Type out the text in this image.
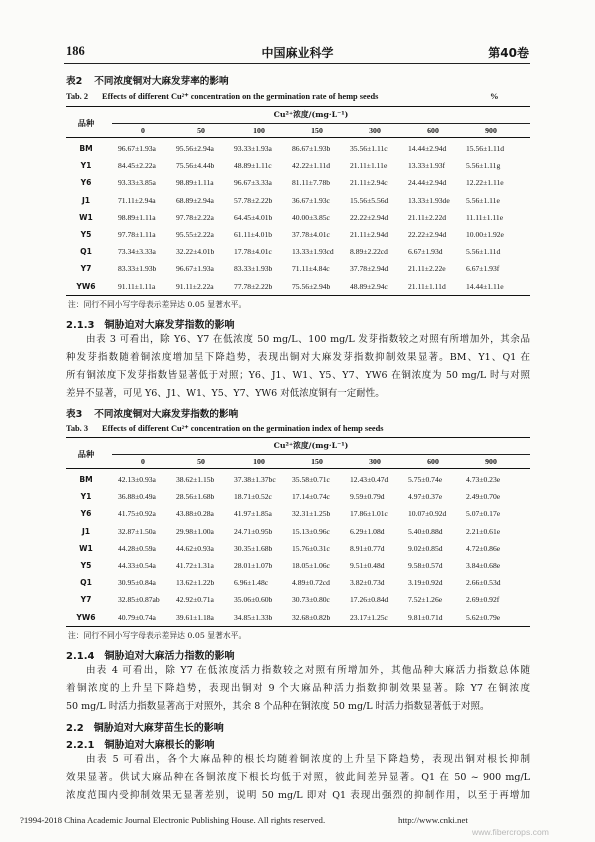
186	中国麻业科学	第40卷
表2 不同浓度铜对大麻发芽率的影响
Tab. 2 Effects of different Cu²⁺ concentration on the germination rate of hemp seeds	%
品种
Cu²⁺浓度/(mg·L⁻¹)
0	50	100	150	300	600	900
BM	96.67±1.93a	95.56±2.94a	93.33±1.93a	86.67±1.93b	35.56±1.11c	14.44±2.94d	15.56±1.11d
Y1	84.45±2.22a	75.56±4.44b	48.89±1.11c	42.22±1.11d	21.11±1.11e	13.33±1.93f	5.56±1.11g
Y6	93.33±3.85a	98.89±1.11a	96.67±3.33a	81.11±7.78b	21.11±2.94c	24.44±2.94d	12.22±1.11e
J1	71.11±2.94a	68.89±2.94a	57.78±2.22b	36.67±1.93c	15.56±5.56d	13.33±1.93de	5.56±1.11e
W1	98.89±1.11a	97.78±2.22a	64.45±4.01b	40.00±3.85c	22.22±2.94d	21.11±2.22d	11.11±1.11e
Y5	97.78±1.11a	95.55±2.22a	61.11±4.01b	37.78±4.01c	21.11±2.94d	22.22±2.94d	10.00±1.92e
Q1	73.34±3.33a	32.22±4.01b	17.78±4.01c	13.33±1.93cd	8.89±2.22cd	6.67±1.93d	5.56±1.11d
Y7	83.33±1.93b	96.67±1.93a	83.33±1.93b	71.11±4.84c	37.78±2.94d	21.11±2.22e	6.67±1.93f
YW6	91.11±1.11a	91.11±2.22a	77.78±2.22b	75.56±2.94b	48.89±2.94c	21.11±1.11d	14.44±1.11e
注：同行不同小写字母表示差异达 0.05 显著水平。
2.1.3 铜胁迫对大麻发芽指数的影响
由表 3 可看出，除 Y6、Y7 在低浓度 50 mg/L、100 mg/L 发芽指数较之对照有所增加外，其余品
种发芽指数随着铜浓度增加呈下降趋势，表现出铜对大麻发芽指数抑制效果显著。BM、Y1、Q1 在
所有铜浓度下发芽指数皆显著低于对照；Y6、J1、W1、Y5、Y7、YW6 在铜浓度为 50 mg/L 时与对照
差异不显著，可见 Y6、J1、W1、Y5、Y7、YW6 对低浓度铜有一定耐性。
表3 不同浓度铜对大麻发芽指数的影响
Tab. 3 Effects of different Cu²⁺ concentration on the germination index of hemp seeds
品种
Cu²⁺浓度/(mg·L⁻¹)
0	50	100	150	300	600	900
BM	42.13±0.93a	38.62±1.15b	37.38±1.37bc	35.58±0.71c	12.43±0.47d	5.75±0.74e	4.73±0.23e
Y1	36.88±0.49a	28.56±1.68b	18.71±0.52c	17.14±0.74c	9.59±0.79d	4.97±0.37e	2.49±0.70e
Y6	41.75±0.92a	43.88±0.28a	41.97±1.85a	32.31±1.25b	17.86±1.01c	10.07±0.92d	5.07±0.17e
J1	32.87±1.50a	29.98±1.00a	24.71±0.95b	15.13±0.96c	6.29±1.08d	5.40±0.88d	2.21±0.61e
W1	44.28±0.59a	44.62±0.93a	30.35±1.68b	15.76±0.31c	8.91±0.77d	9.02±0.85d	4.72±0.86e
Y5	44.33±0.54a	41.72±1.31a	28.01±1.07b	18.05±1.06c	9.51±0.48d	9.58±0.57d	3.84±0.68e
Q1	30.95±0.84a	13.62±1.22b	6.96±1.48c	4.89±0.72cd	3.82±0.73d	3.19±0.92d	2.66±0.53d
Y7	32.85±0.87ab	42.92±0.71a	35.06±0.60b	30.73±0.80c	17.26±0.84d	7.52±1.26e	2.69±0.92f
YW6	40.79±0.74a	39.61±1.18a	34.85±1.33b	32.68±0.82b	23.17±1.25c	9.81±0.71d	5.62±0.79e
注：同行不同小写字母表示差异达 0.05 显著水平。
2.1.4 铜胁迫对大麻活力指数的影响
由表 4 可看出，除 Y7 在低浓度活力指数较之对照有所增加外，其他品种大麻活力指数总体随
着铜浓度的上升呈下降趋势，表现出铜对 9 个大麻品种活力指数抑制效果显著。除 Y7 在铜浓度
50 mg/L 时活力指数显著高于对照外，其余 8 个品种在铜浓度 50 mg/L 时活力指数显著低于对照。
2.2 铜胁迫对大麻芽苗生长的影响
2.2.1 铜胁迫对大麻根长的影响
由表 5 可看出，各个大麻品种的根长均随着铜浓度的上升呈下降趋势，表现出铜对根长抑制
效果显著。供试大麻品种在各铜浓度下根长均低于对照，彼此间差异显著。Q1 在 50 ~ 900 mg/L
浓度范围内受抑制效果无显著差别，说明 50 mg/L 即对 Q1 表现出强烈的抑制作用，以至于再增加
?1994-2018 China Academic Journal Electronic Publishing House. All rights reserved.	http://www.cnki.net
www.fibercrops.com
